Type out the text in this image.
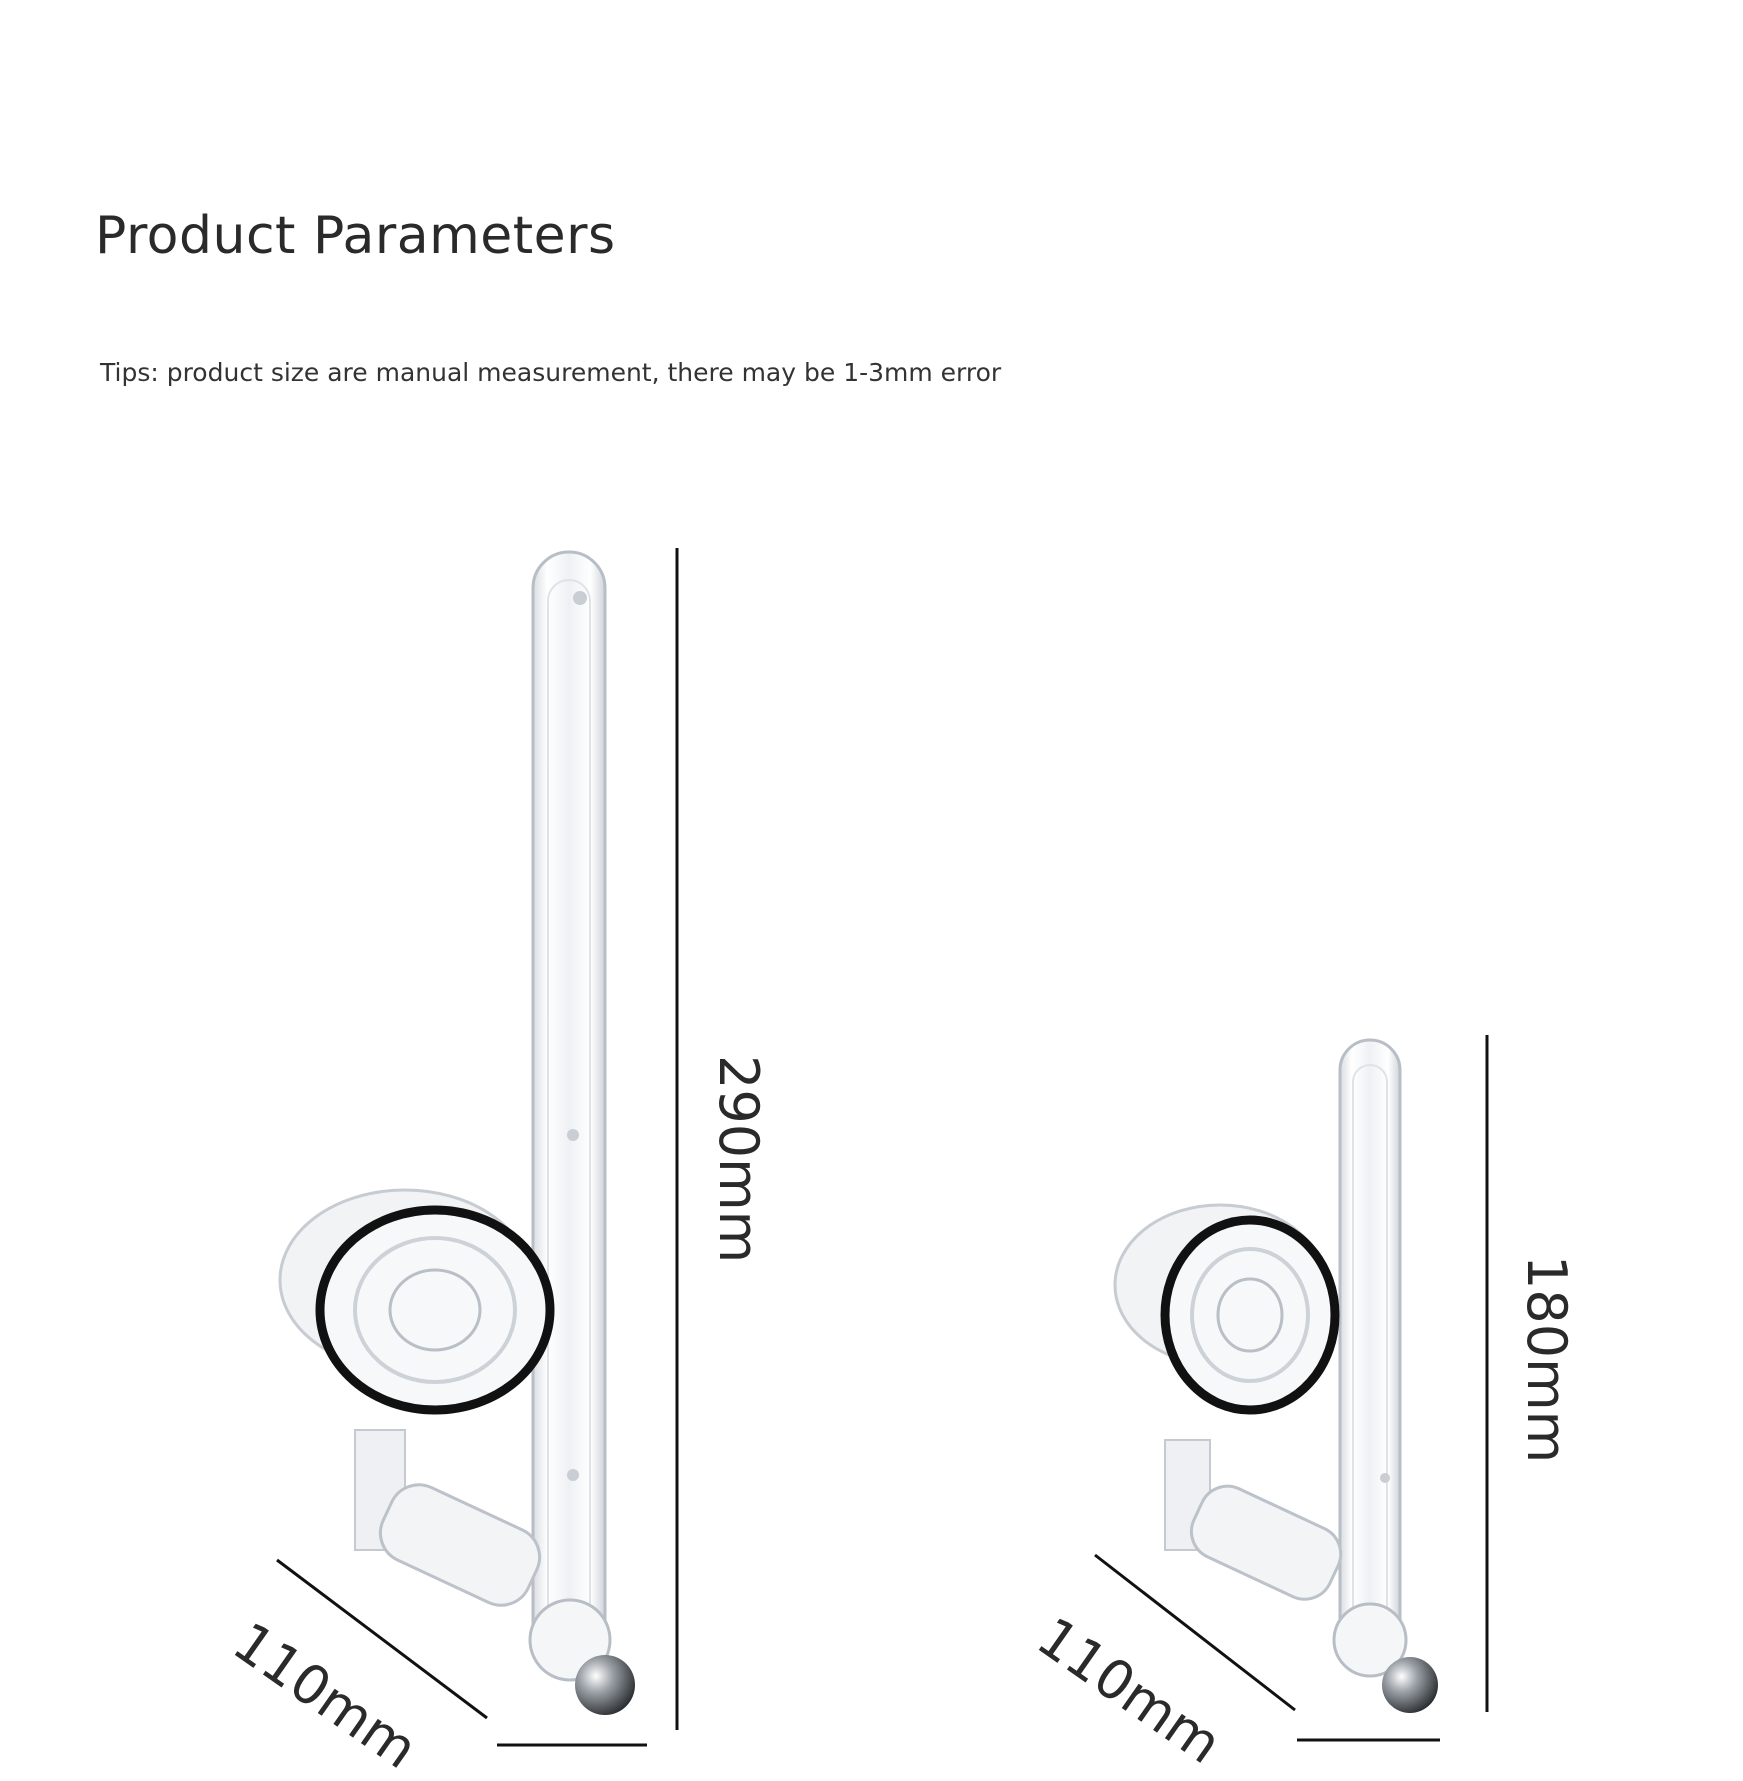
Product Parameters
Tips: product size are manual measurement, there may be 1-3mm error
290mm
110mm
180mm
110mm
